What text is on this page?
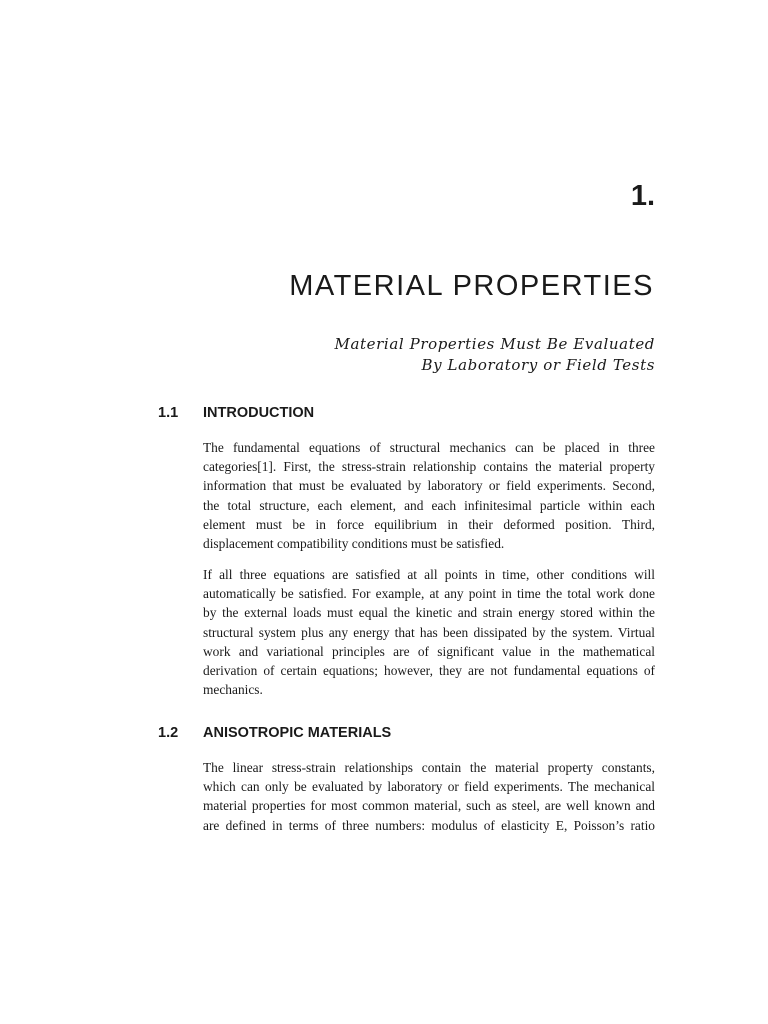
1.
MATERIAL PROPERTIES
Material Properties Must Be Evaluated
By Laboratory or Field Tests
1.1 INTRODUCTION
The fundamental equations of structural mechanics can be placed in three
categories[1]. First, the stress-strain relationship contains the material property
information that must be evaluated by laboratory or field experiments. Second,
the total structure, each element, and each infinitesimal particle within each
element must be in force equilibrium in their deformed position. Third,
displacement compatibility conditions must be satisfied.
If all three equations are satisfied at all points in time, other conditions will
automatically be satisfied. For example, at any point in time the total work done
by the external loads must equal the kinetic and strain energy stored within the
structural system plus any energy that has been dissipated by the system. Virtual
work and variational principles are of significant value in the mathematical
derivation of certain equations; however, they are not fundamental equations of
mechanics.
1.2 ANISOTROPIC MATERIALS
The linear stress-strain relationships contain the material property constants,
which can only be evaluated by laboratory or field experiments. The mechanical
material properties for most common material, such as steel, are well known and
are defined in terms of three numbers: modulus of elasticity E, Poisson’s ratio
